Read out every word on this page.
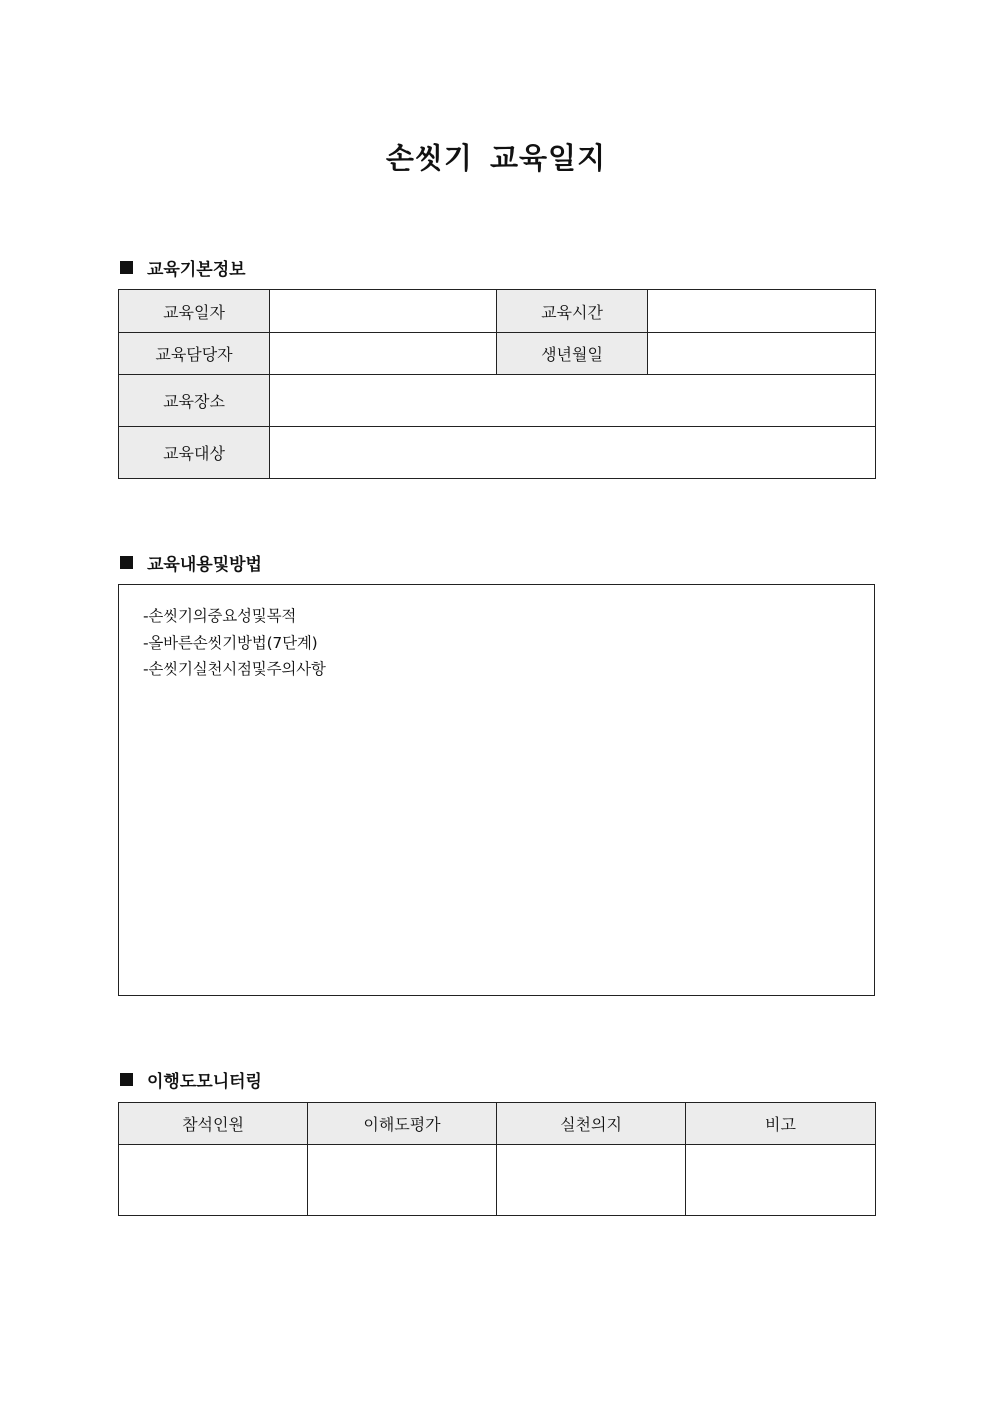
손씻기 교육일지
교육기본정보
교육일자		교육시간	
교육담당자		생년월일	
교육장소			
교육대상			
교육내용및방법
-손씻기의중요성및목적
-올바른손씻기방법(7단계)
-손씻기실천시점및주의사항
이행도모니터링
참석인원	이해도평가	실천의지	비고
